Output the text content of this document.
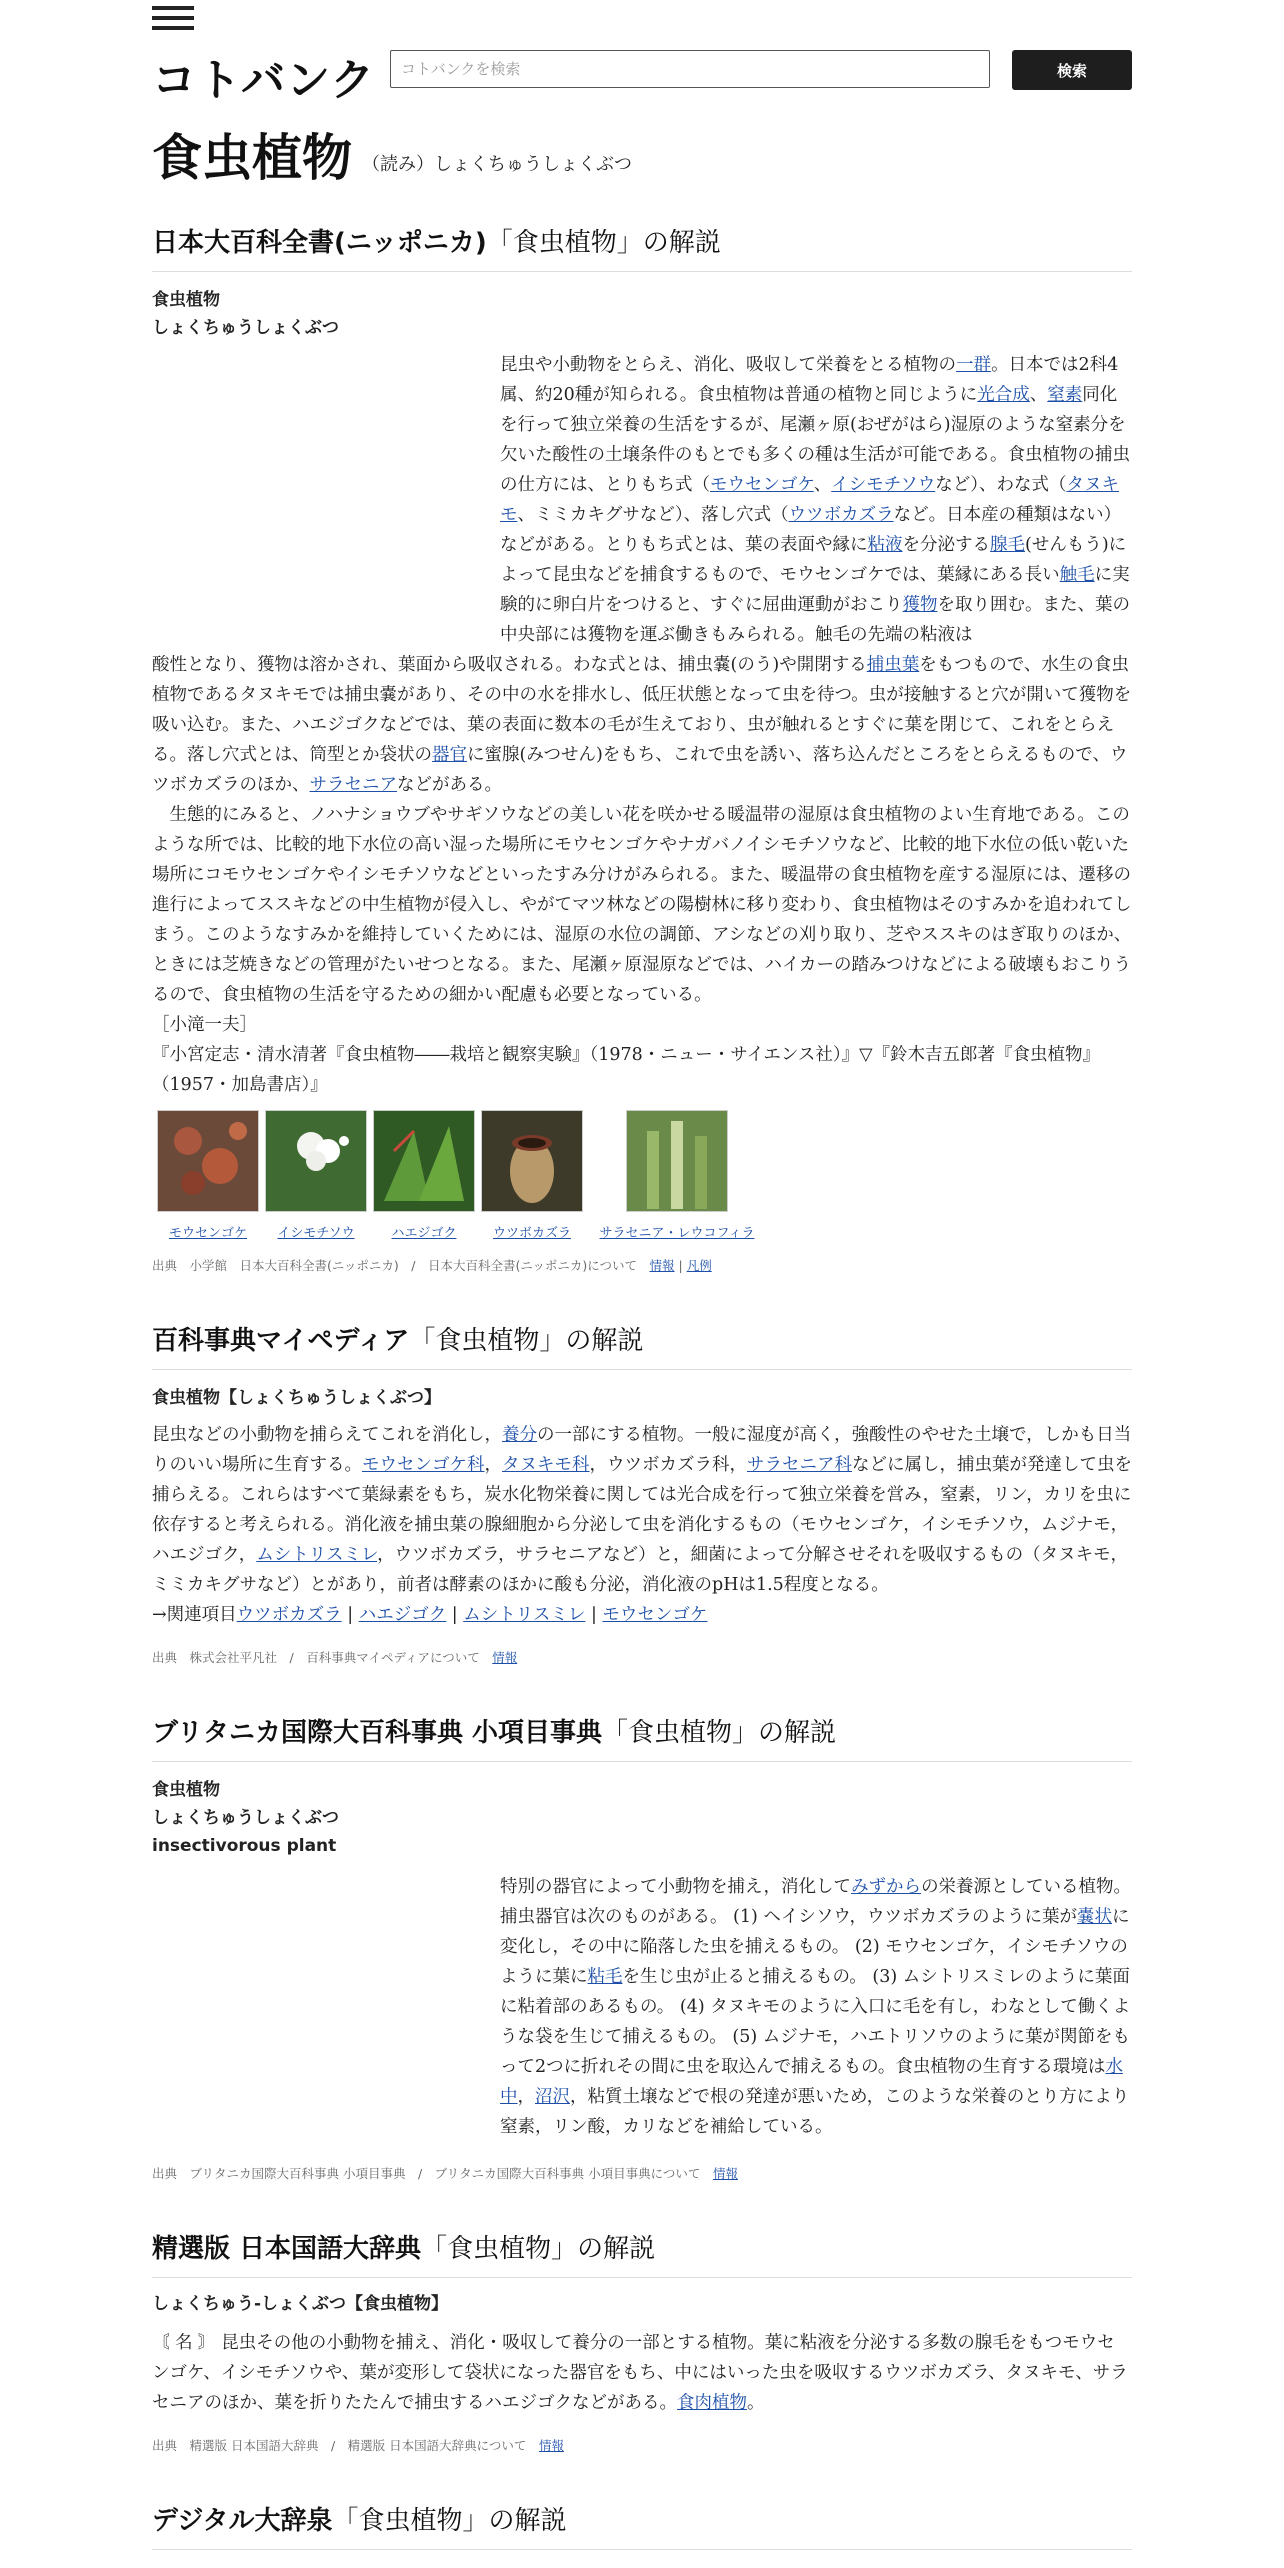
コトバンク
コトバンクを検索	検索
食虫植物 （読み）しょくちゅうしょくぶつ
日本大百科全書(ニッポニカ)「食虫植物」の解説
食虫植物
しょくちゅうしょくぶつ
昆虫や小動物をとらえ、消化、吸収して栄養をとる植物の一群。日本では2科4属、約20種が知られる。食虫植物は普通の植物と同じように光合成、窒素同化を行って独立栄養の生活をするが、尾瀬ヶ原(おぜがはら)湿原のような窒素分を欠いた酸性の土壌条件のもとでも多くの種は生活が可能である。食虫植物の捕虫の仕方には、とりもち式（モウセンゴケ、イシモチソウなど）、わな式（タヌキモ、ミミカキグサなど）、落し穴式（ウツボカズラなど。日本産の種類はない）などがある。とりもち式とは、葉の表面や縁に粘液を分泌する腺毛(せんもう)によって昆虫などを捕食するもので、モウセンゴケでは、葉縁にある長い触毛に実験的に卵白片をつけると、すぐに屈曲運動がおこり獲物を取り囲む。また、葉の中央部には獲物を運ぶ働きもみられる。触毛の先端の粘液は
酸性となり、獲物は溶かされ、葉面から吸収される。わな式とは、捕虫嚢(のう)や開閉する捕虫葉をもつもので、水生の食虫植物であるタヌキモでは捕虫嚢があり、その中の水を排水し、低圧状態となって虫を待つ。虫が接触すると穴が開いて獲物を吸い込む。また、ハエジゴクなどでは、葉の表面に数本の毛が生えており、虫が触れるとすぐに葉を閉じて、これをとらえる。落し穴式とは、筒型とか袋状の器官に蜜腺(みつせん)をもち、これで虫を誘い、落ち込んだところをとらえるもので、ウツボカズラのほか、サラセニアなどがある。
　生態的にみると、ノハナショウブやサギソウなどの美しい花を咲かせる暖温帯の湿原は食虫植物のよい生育地である。このような所では、比較的地下水位の高い湿った場所にモウセンゴケやナガバノイシモチソウなど、比較的地下水位の低い乾いた場所にコモウセンゴケやイシモチソウなどといったすみ分けがみられる。また、暖温帯の食虫植物を産する湿原には、遷移の進行によってススキなどの中生植物が侵入し、やがてマツ林などの陽樹林に移り変わり、食虫植物はそのすみかを追われてしまう。このようなすみかを維持していくためには、湿原の水位の調節、アシなどの刈り取り、芝やススキのはぎ取りのほか、ときには芝焼きなどの管理がたいせつとなる。また、尾瀬ヶ原湿原などでは、ハイカーの踏みつけなどによる破壊もおこりうるので、食虫植物の生活を守るための細かい配慮も必要となっている。
［小滝一夫］
『小宮定志・清水清著『食虫植物――栽培と観察実験』（1978・ニュー・サイエンス社）』▽『鈴木吉五郎著『食虫植物』（1957・加島書店）』
モウセンゴケ	イシモチソウ	ハエジゴク	ウツボカズラ	サラセニア・レウコフィラ
出典　小学館　日本大百科全書(ニッポニカ)　/　日本大百科全書(ニッポニカ)について　 情報 | 凡例
百科事典マイペディア「食虫植物」の解説
食虫植物【しょくちゅうしょくぶつ】
昆虫などの小動物を捕らえてこれを消化し，養分の一部にする植物。一般に湿度が高く，強酸性のやせた土壌で，しかも日当りのいい場所に生育する。モウセンゴケ科，タヌキモ科，ウツボカズラ科，サラセニア科などに属し，捕虫葉が発達して虫を捕らえる。これらはすべて葉緑素をもち，炭水化物栄養に関しては光合成を行って独立栄養を営み，窒素，リン，カリを虫に依存すると考えられる。消化液を捕虫葉の腺細胞から分泌して虫を消化するもの（モウセンゴケ，イシモチソウ，ムジナモ，ハエジゴク，ムシトリスミレ，ウツボカズラ，サラセニアなど）と，細菌によって分解させそれを吸収するもの（タヌキモ，ミミカキグサなど）とがあり，前者は酵素のほかに酸も分泌，消化液のpHは1.5程度となる。
→関連項目ウツボカズラ | ハエジゴク | ムシトリスミレ | モウセンゴケ
出典　株式会社平凡社　/　百科事典マイペディアについて　 情報
ブリタニカ国際大百科事典 小項目事典「食虫植物」の解説
食虫植物
しょくちゅうしょくぶつ
insectivorous plant
特別の器官によって小動物を捕え，消化してみずからの栄養源としている植物。捕虫器官は次のものがある。 (1) ヘイシソウ，ウツボカズラのように葉が嚢状に変化し，その中に陥落した虫を捕えるもの。 (2) モウセンゴケ，イシモチソウのように葉に粘毛を生じ虫が止ると捕えるもの。 (3) ムシトリスミレのように葉面に粘着部のあるもの。 (4) タヌキモのように入口に毛を有し，わなとして働くような袋を生じて捕えるもの。 (5) ムジナモ，ハエトリソウのように葉が関節をもって2つに折れその間に虫を取込んで捕えるもの。食虫植物の生育する環境は水中，沼沢，粘質土壌などで根の発達が悪いため，このような栄養のとり方により窒素，リン酸，カリなどを補給している。
出典　ブリタニカ国際大百科事典 小項目事典　/　ブリタニカ国際大百科事典 小項目事典について　 情報
精選版 日本国語大辞典「食虫植物」の解説
しょくちゅう-しょくぶつ【食虫植物】
〘 名 〙 昆虫その他の小動物を捕え、消化・吸収して養分の一部とする植物。葉に粘液を分泌する多数の腺毛をもつモウセンゴケ、イシモチソウや、葉が変形して袋状になった器官をもち、中にはいった虫を吸収するウツボカズラ、タヌキモ、サラセニアのほか、葉を折りたたんで捕虫するハエジゴクなどがある。食肉植物。
出典　精選版 日本国語大辞典　/　精選版 日本国語大辞典について　 情報
デジタル大辞泉「食虫植物」の解説
